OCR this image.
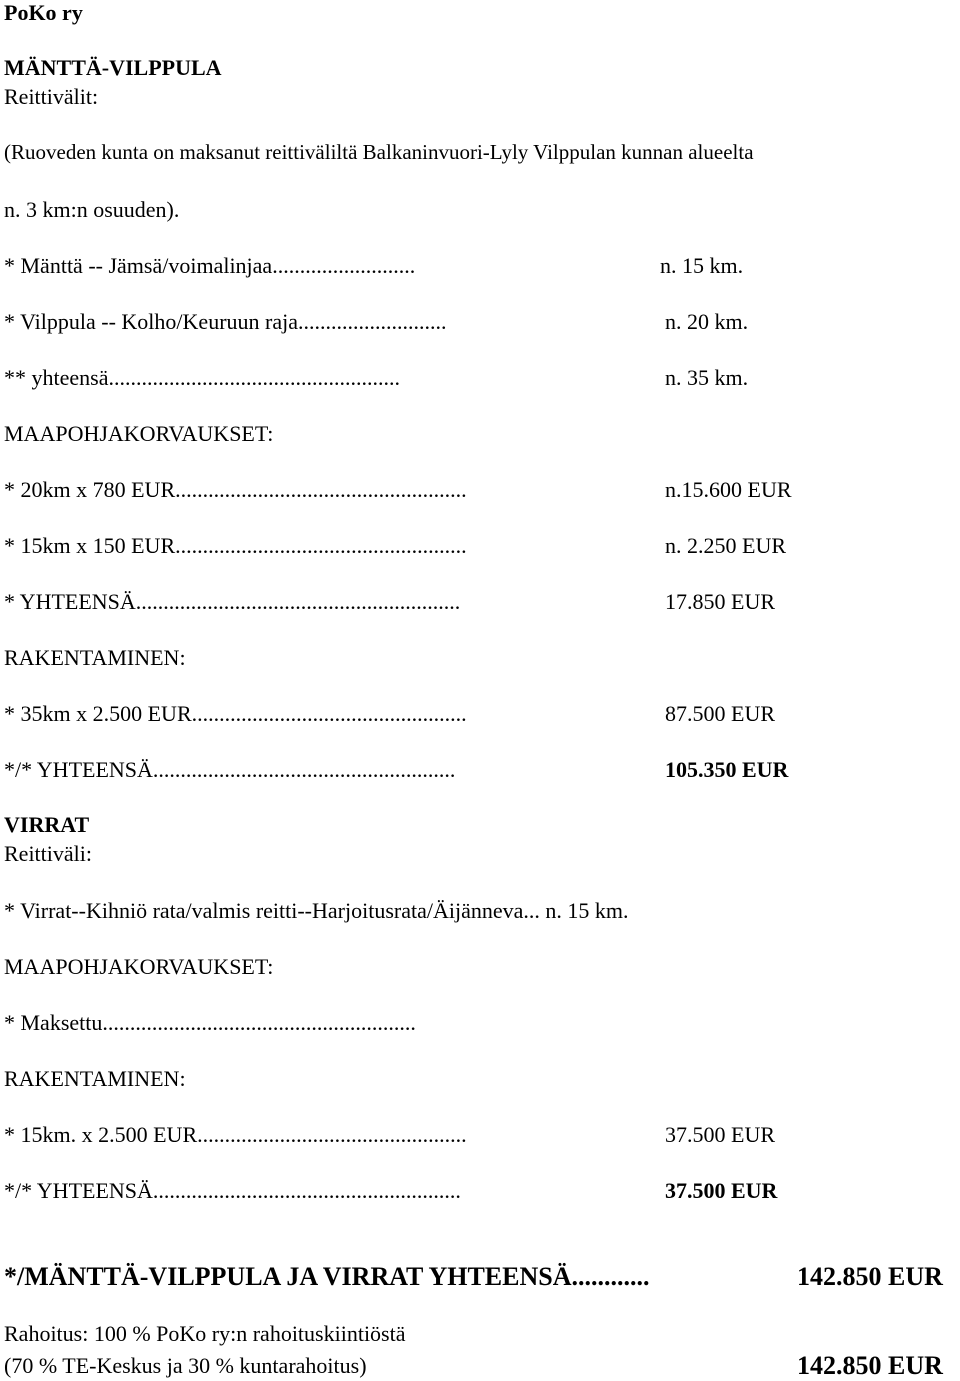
PoKo ry
MÄNTTÄ-VILPPULA
Reittivälit:
(Ruoveden kunta on maksanut reittiväliltä Balkaninvuori-Lyly Vilppulan kunnan alueelta
n. 3 km:n osuuden).
* Mänttä -- Jämsä/voimalinjaa..........................	n. 15 km.
* Vilppula -- Kolho/Keuruun raja...........................	n. 20 km.
** yhteensä.....................................................	n. 35 km.
MAAPOHJAKORVAUKSET:
* 20km x 780 EUR.....................................................	n.15.600 EUR
* 15km x 150 EUR.....................................................	n. 2.250 EUR
* YHTEENSÄ...........................................................	17.850 EUR
RAKENTAMINEN:
* 35km x 2.500 EUR..................................................	87.500 EUR
*/* YHTEENSÄ.......................................................	105.350 EUR
VIRRAT
Reittiväli:
* Virrat--Kihniö rata/valmis reitti--Harjoitusrata/Äijänneva... n. 15 km.
MAAPOHJAKORVAUKSET:
* Maksettu.........................................................
RAKENTAMINEN:
* 15km. x 2.500 EUR.................................................	37.500 EUR
*/* YHTEENSÄ........................................................	37.500 EUR
*/MÄNTTÄ-VILPPULA JA VIRRAT YHTEENSÄ............	142.850 EUR
Rahoitus: 100 % PoKo ry:n rahoituskiintiöstä
(70 % TE-Keskus ja 30 % kuntarahoitus)	142.850 EUR
